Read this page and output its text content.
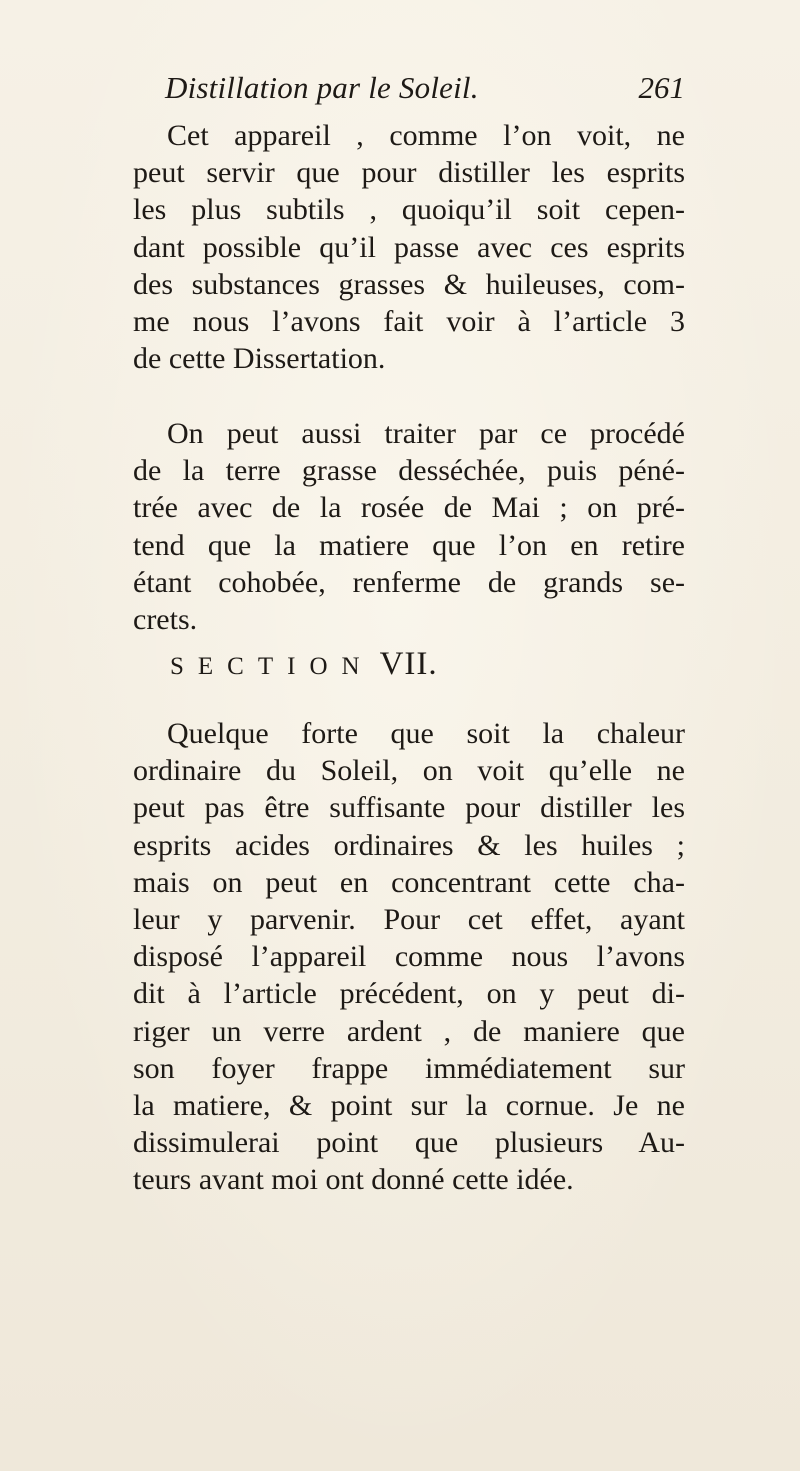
Distillation par le Soleil.	261
Cet appareil , comme l’on voit, ne
peut servir que pour distiller les esprits
les plus subtils , quoiqu’il soit cepen-
dant possible qu’il passe avec ces esprits
des substances grasses & huileuses, com-
me nous l’avons fait voir à l’article 3
de cette Dissertation.
On peut aussi traiter par ce procédé
de la terre grasse desséchée, puis péné-
trée avec de la rosée de Mai ; on pré-
tend que la matiere que l’on en retire
étant cohobée, renferme de grands se-
crets.
SECTION VII.
Quelque forte que soit la chaleur
ordinaire du Soleil, on voit qu’elle ne
peut pas être suffisante pour distiller les
esprits acides ordinaires & les huiles ;
mais on peut en concentrant cette cha-
leur y parvenir. Pour cet effet, ayant
disposé l’appareil comme nous l’avons
dit à l’article précédent, on y peut di-
riger un verre ardent , de maniere que
son foyer frappe immédiatement sur
la matiere, & point sur la cornue. Je ne
dissimulerai point que plusieurs Au-
teurs avant moi ont donné cette idée.
